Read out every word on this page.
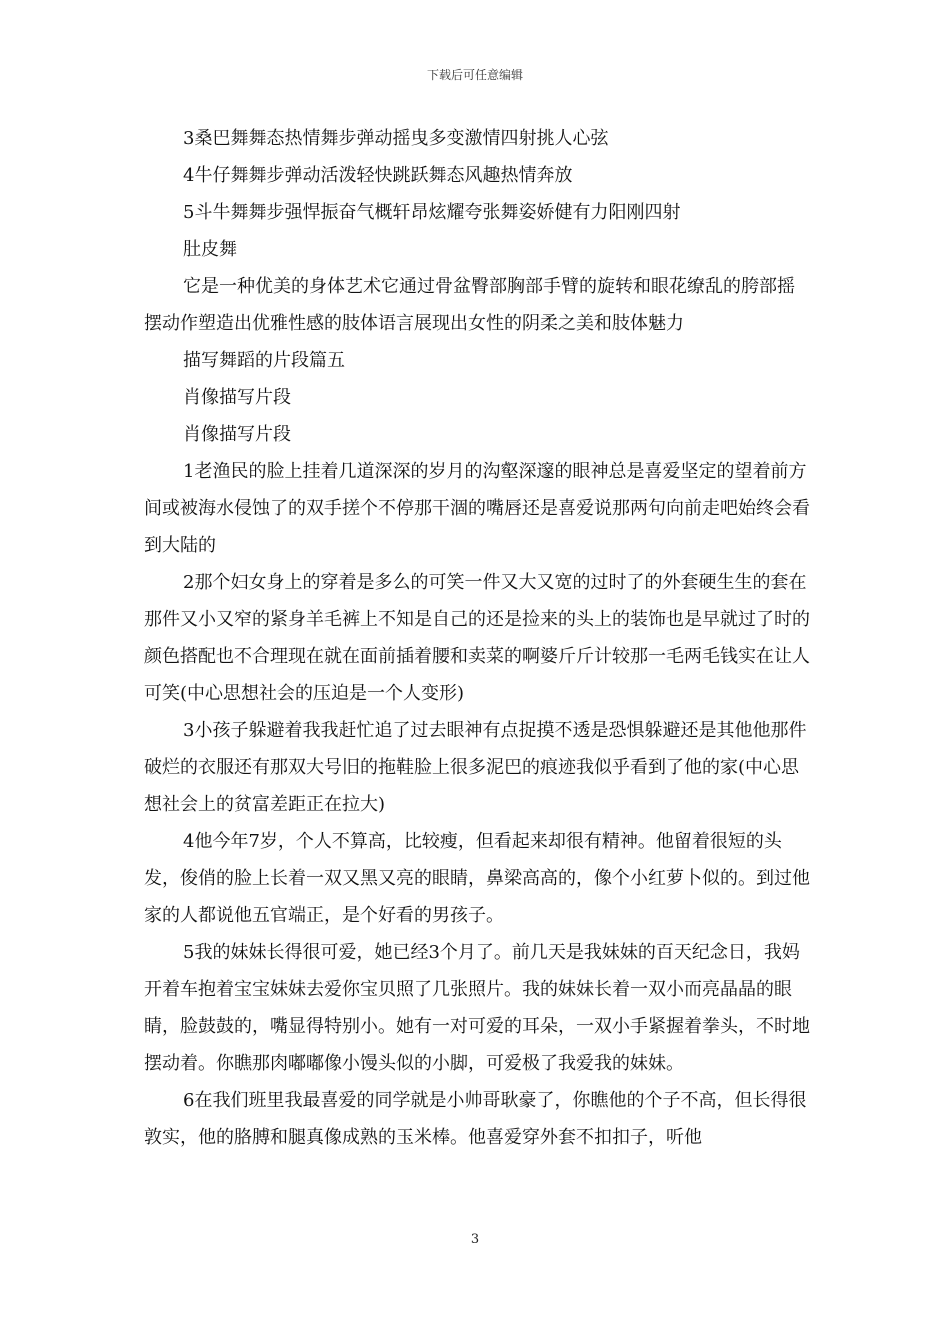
下载后可任意编辑

3桑巴舞舞态热情舞步弹动摇曳多变激情四射挑人心弦

4牛仔舞舞步弹动活泼轻快跳跃舞态风趣热情奔放

5斗牛舞舞步强悍振奋气概轩昂炫耀夸张舞姿娇健有力阳刚四射

肚皮舞

它是一种优美的身体艺术它通过骨盆臀部胸部手臂的旋转和眼花缭乱的胯部摇摆动作塑造出优雅性感的肢体语言展现出女性的阴柔之美和肢体魅力

描写舞蹈的片段篇五

肖像描写片段

肖像描写片段

1老渔民的脸上挂着几道深深的岁月的沟壑深邃的眼神总是喜爱坚定的望着前方间或被海水侵蚀了的双手搓个不停那干涸的嘴唇还是喜爱说那两句向前走吧始终会看到大陆的

2那个妇女身上的穿着是多么的可笑一件又大又宽的过时了的外套硬生生的套在那件又小又窄的紧身羊毛裤上不知是自己的还是捡来的头上的装饰也是早就过了时的颜色搭配也不合理现在就在面前插着腰和卖菜的啊婆斤斤计较那一毛两毛钱实在让人可笑(中心思想社会的压迫是一个人变形)

3小孩子躲避着我我赶忙追了过去眼神有点捉摸不透是恐惧躲避还是其他他那件破烂的衣服还有那双大号旧的拖鞋脸上很多泥巴的痕迹我似乎看到了他的家(中心思想社会上的贫富差距正在拉大)

4他今年7岁，个人不算高，比较瘦，但看起来却很有精神。他留着很短的头发，俊俏的脸上长着一双又黑又亮的眼睛，鼻梁高高的，像个小红萝卜似的。到过他家的人都说他五官端正，是个好看的男孩子。

5我的妹妹长得很可爱，她已经3个月了。前几天是我妹妹的百天纪念日，我妈开着车抱着宝宝妹妹去爱你宝贝照了几张照片。我的妹妹长着一双小而亮晶晶的眼睛，脸鼓鼓的，嘴显得特别小。她有一对可爱的耳朵，一双小手紧握着拳头，不时地摆动着。你瞧那肉嘟嘟像小馒头似的小脚，可爱极了我爱我的妹妹。

6在我们班里我最喜爱的同学就是小帅哥耿豪了，你瞧他的个子不高，但长得很敦实，他的胳膊和腿真像成熟的玉米棒。他喜爱穿外套不扣扣子，听他

3
